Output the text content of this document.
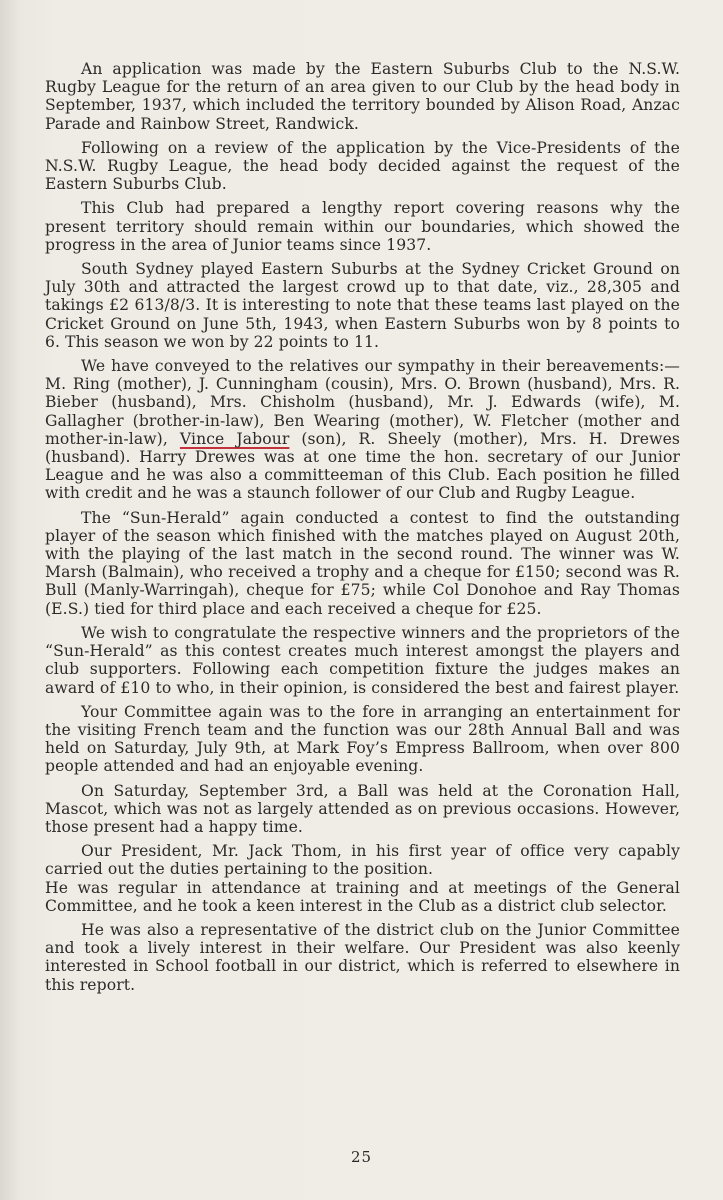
An application was made by the Eastern Suburbs Club to the N.S.W. Rugby League for the return of an area given to our Club by the head body in September, 1937, which included the territory bounded by Alison Road, Anzac Parade and Rainbow Street, Randwick.

Following on a review of the application by the Vice-Presidents of the N.S.W. Rugby League, the head body decided against the request of the Eastern Suburbs Club.

This Club had prepared a lengthy report covering reasons why the present territory should remain within our boundaries, which showed the progress in the area of Junior teams since 1937.

South Sydney played Eastern Suburbs at the Sydney Cricket Ground on July 30th and attracted the largest crowd up to that date, viz., 28,305 and takings £2 613/8/3. It is interesting to note that these teams last played on the Cricket Ground on June 5th, 1943, when Eastern Suburbs won by 8 points to 6. This season we won by 22 points to 11.

We have conveyed to the relatives our sympathy in their bereavements:—M. Ring (mother), J. Cunningham (cousin), Mrs. O. Brown (husband), Mrs. R. Bieber (husband), Mrs. Chisholm (husband), Mr. J. Edwards (wife), M. Gallagher (brother-in-law), Ben Wearing (mother), W. Fletcher (mother and mother-in-law), Vince Jabour (son), R. Sheely (mother), Mrs. H. Drewes (husband). Harry Drewes was at one time the hon. secretary of our Junior League and he was also a committeeman of this Club. Each position he filled with credit and he was a staunch follower of our Club and Rugby League.

The “Sun-Herald” again conducted a contest to find the outstanding player of the season which finished with the matches played on August 20th, with the playing of the last match in the second round. The winner was W. Marsh (Balmain), who received a trophy and a cheque for £150; second was R. Bull (Manly-Warringah), cheque for £75; while Col Donohoe and Ray Thomas (E.S.) tied for third place and each received a cheque for £25.

We wish to congratulate the respective winners and the proprietors of the “Sun-Herald” as this contest creates much interest amongst the players and club supporters. Following each competition fixture the judges makes an award of £10 to who, in their opinion, is considered the best and fairest player.

Your Committee again was to the fore in arranging an entertainment for the visiting French team and the function was our 28th Annual Ball and was held on Saturday, July 9th, at Mark Foy’s Empress Ballroom, when over 800 people attended and had an enjoyable evening.

On Saturday, September 3rd, a Ball was held at the Coronation Hall, Mascot, which was not as largely attended as on previous occasions. However, those present had a happy time.

Our President, Mr. Jack Thom, in his first year of office very capably carried out the duties pertaining to the position.

He was regular in attendance at training and at meetings of the General Committee, and he took a keen interest in the Club as a district club selector.

He was also a representative of the district club on the Junior Committee and took a lively interest in their welfare. Our President was also keenly interested in School football in our district, which is referred to elsewhere in this report.

25
